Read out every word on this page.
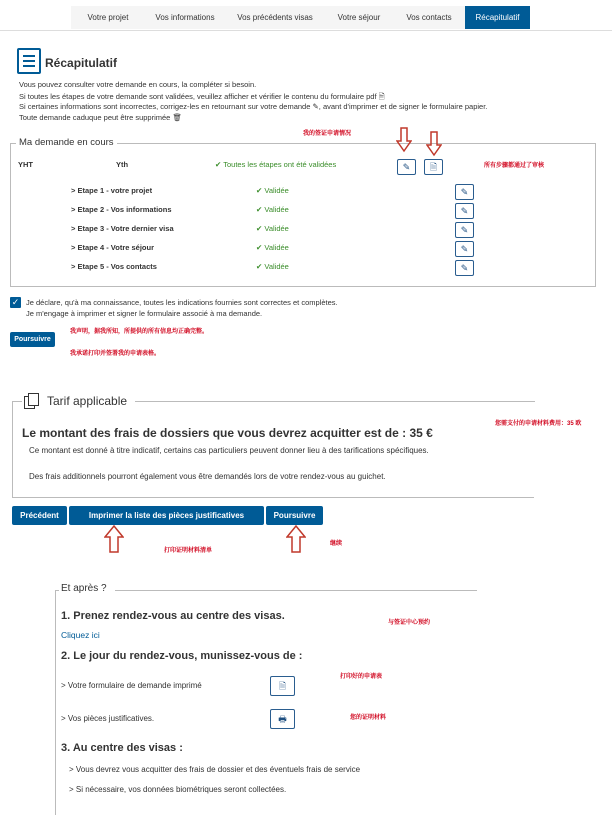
Votre projet	Vos informations	Vos précédents visas	Votre séjour	Vos contacts	Récapitulatif
Récapitulatif
Vous pouvez consulter votre demande en cours, la compléter si besoin.
Si toutes les étapes de votre demande sont validées, veuillez afficher et vérifier le contenu du formulaire pdf 🗎
Si certaines informations sont incorrectes, corrigez-les en retournant sur votre demande ✎, avant d'imprimer et de signer le formulaire papier.
Toute demande caduque peut être supprimée 🗑
Ma demande en cours
我的签证申请情况
YHT	Yth	✔ Toutes les étapes ont été validées	✎	🗎	所有步骤都通过了审核
> Etape 1 - votre projet	✔ Validée	✎
> Etape 2 - Vos informations	✔ Validée	✎
> Etape 3 - Votre dernier visa	✔ Validée	✎
> Etape 4 - Votre séjour	✔ Validée	✎
> Etape 5 - Vos contacts	✔ Validée	✎
✓ Je déclare, qu'à ma connaissance, toutes les indications fournies sont correctes et complètes.
Je m'engage à imprimer et signer le formulaire associé à ma demande.
Poursuivre
我声明，据我所知，所提供的所有信息均正确完整。
我承诺打印并签署我的申请表格。
Tarif applicable
您需支付的申请材料费用：35 欧
Le montant des frais de dossiers que vous devrez acquitter est de : 35 €
Ce montant est donné à titre indicatif, certains cas particuliers peuvent donner lieu à des tarifications spécifiques.
Des frais additionnels pourront également vous être demandés lors de votre rendez-vous au guichet.
Précédent	Imprimer la liste des pièces justificatives	Poursuivre
打印证明材料清单
继续
Et après ?
1. Prenez rendez-vous au centre des visas.
与签证中心预约
Cliquez ici
2. Le jour du rendez-vous, munissez-vous de :
> Votre formulaire de demande imprimé	🗎
打印好的申请表
> Vos pièces justificatives.	🖶	您的证明材料
3. Au centre des visas :
> Vous devrez vous acquitter des frais de dossier et des éventuels frais de service
> Si nécessaire, vos données biométriques seront collectées.
